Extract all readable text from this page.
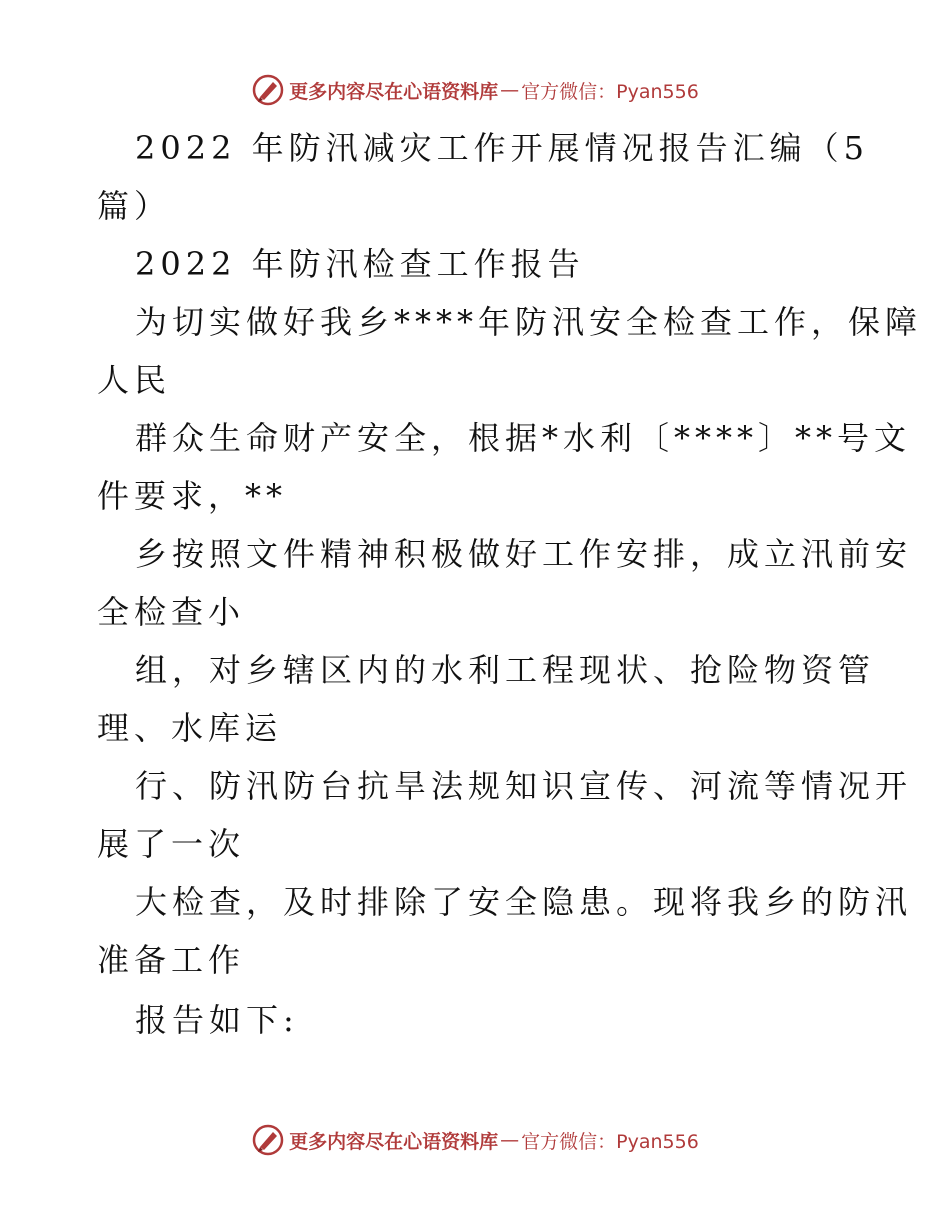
更多内容尽在心语资料库 — 官方微信：Pyan556

2022 年防汛减灾工作开展情况报告汇编（5

篇）

2022 年防汛检查工作报告

为切实做好我乡****年防汛安全检查工作，保障

人民

群众生命财产安全，根据*水利〔****〕**号文

件要求，**

乡按照文件精神积极做好工作安排，成立汛前安

全检查小

组，对乡辖区内的水利工程现状、抢险物资管

理、水库运

行、防汛防台抗旱法规知识宣传、河流等情况开

展了一次

大检查，及时排除了安全隐患。现将我乡的防汛

准备工作

报告如下:

更多内容尽在心语资料库 — 官方微信：Pyan556
